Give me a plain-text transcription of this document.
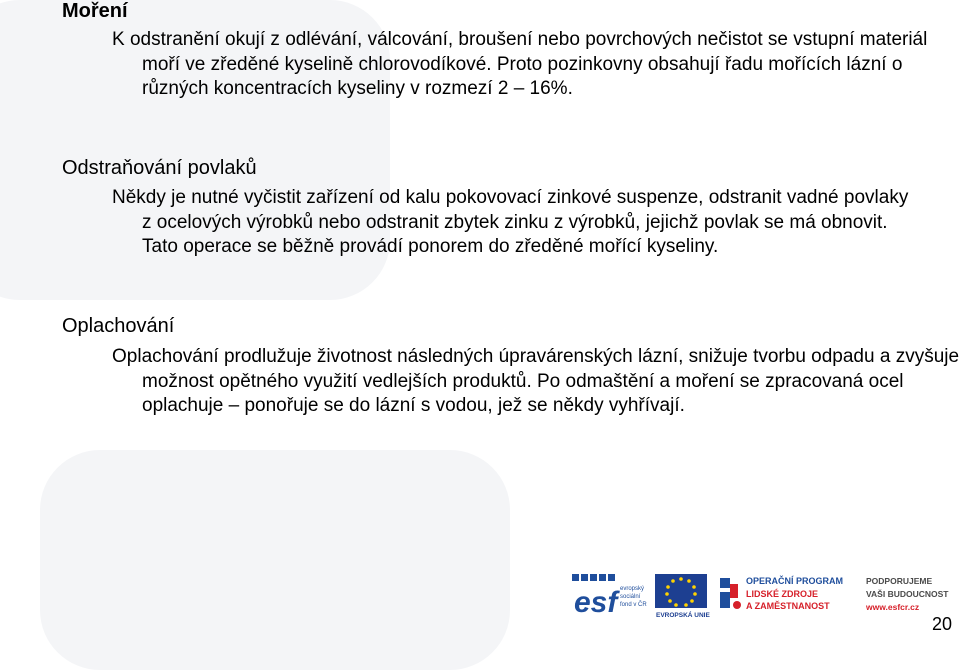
Moření

K odstranění okují z odlévání, válcování, broušení nebo povrchových nečistot se vstupní materiál moří ve zředěné kyselině chlorovodíkové. Proto pozinkovny obsahují řadu mořících lázní o různých koncentracích kyseliny v rozmezí 2 – 16%.

Odstraňování povlaků

Někdy je nutné vyčistit zařízení od kalu pokovovací zinkové suspenze, odstranit vadné povlaky z ocelových výrobků nebo odstranit zbytek zinku z výrobků, jejichž povlak se má obnovit. Tato operace se běžně provádí ponorem do zředěné mořící kyseliny.

Oplachování

Oplachování prodlužuje životnost následných úpravárenských lázní, snižuje tvorbu odpadu a zvyšuje možnost opětného využití vedlejších produktů. Po odmaštění a moření se zpracovaná ocel oplachuje – ponořuje se do lázní s vodou, jež se někdy vyhřívají.

esf evropský
sociální
fond v ČR
EVROPSKÁ UNIE
OPERAČNÍ PROGRAM
LIDSKÉ ZDROJE
A ZAMĚSTNANOST
PODPORUJEME
VAŠI BUDOUCNOST
www.esfcr.cz
20
